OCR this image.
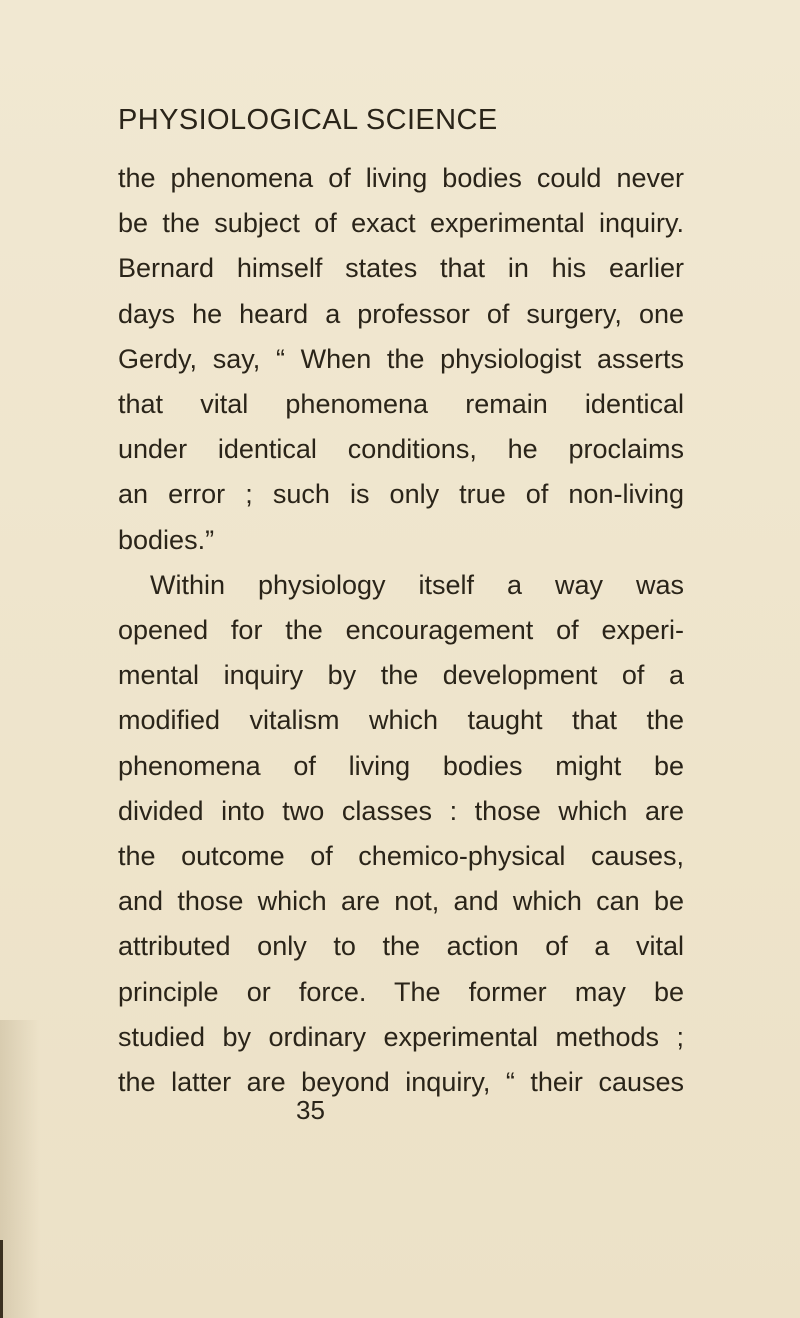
PHYSIOLOGICAL SCIENCE
the phenomena of living bodies could never
be the subject of exact experimental inquiry.
Bernard himself states that in his earlier
days he heard a professor of surgery, one
Gerdy, say, “ When the physiologist asserts
that vital phenomena remain identical
under identical conditions, he proclaims
an error ; such is only true of non-living
bodies.”
Within physiology itself a way was
opened for the encouragement of experi-
mental inquiry by the development of a
modified vitalism which taught that the
phenomena of living bodies might be
divided into two classes : those which are
the outcome of chemico-physical causes,
and those which are not, and which can be
attributed only to the action of a vital
principle or force. The former may be
studied by ordinary experimental methods ;
the latter are beyond inquiry, “ their causes
35
